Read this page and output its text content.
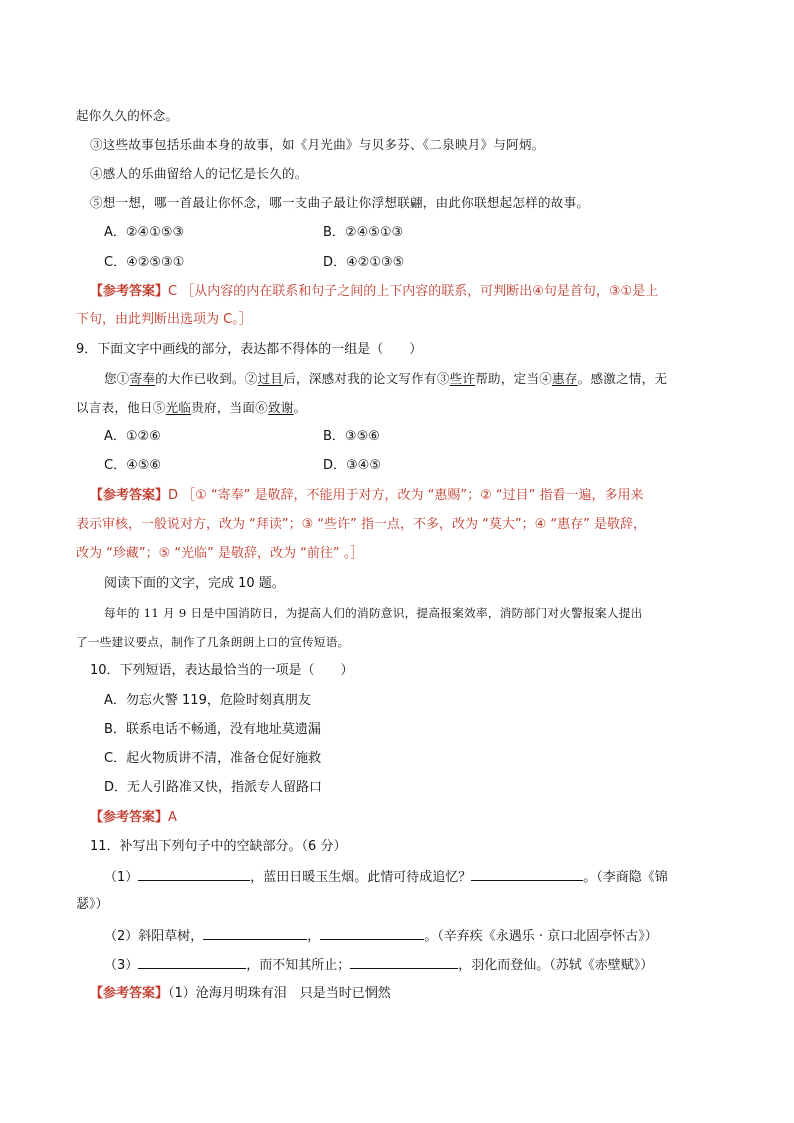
起你久久的怀念。
③这些故事包括乐曲本身的故事，如《月光曲》与贝多芬、《二泉映月》与阿炳。
④感人的乐曲留给人的记忆是长久的。
⑤想一想，哪一首最让你怀念，哪一支曲子最让你浮想联翩，由此你联想起怎样的故事。
A．②④①⑤③	B．②④⑤①③
C．④②⑤③①	D．④②①③⑤
【参考答案】C ［从内容的内在联系和句子之间的上下内容的联系，可判断出④句是首句，③①是上
下句，由此判断出选项为 C。］
9．下面文字中画线的部分，表达都不得体的一组是（　　）
您①寄奉的大作已收到。②过目后，深感对我的论文写作有③些许帮助，定当④惠存。感激之情，无
以言表，他日⑤光临贵府，当面⑥致谢。
A．①②⑥	B．③⑤⑥
C．④⑤⑥	D．③④⑤
【参考答案】D ［① “寄奉” 是敬辞，不能用于对方，改为 “惠赐”；② “过目” 指看一遍，多用来
表示审核，一般说对方，改为 “拜读”；③ “些许” 指一点，不多，改为 “莫大”；④ “惠存” 是敬辞，
改为 “珍藏”；⑤ “光临” 是敬辞，改为 “前往” 。］
阅读下面的文字，完成 10 题。
每年的 11 月 9 日是中国消防日，为提高人们的消防意识，提高报案效率，消防部门对火警报案人提出
了一些建议要点，制作了几条朗朗上口的宣传短语。
10．下列短语，表达最恰当的一项是（　　）
A．勿忘火警 119，危险时刻真朋友
B．联系电话不畅通，没有地址莫遗漏
C．起火物质讲不清，准备仓促好施救
D．无人引路准又快，指派专人留路口
【参考答案】A
11．补写出下列句子中的空缺部分。（6 分）
（1）	，蓝田日暖玉生烟。此情可待成追忆？	。（李商隐《锦
瑟》）
（2）斜阳草树，	，	。（辛弃疾《永遇乐 · 京口北固亭怀古》）
（3）	，而不知其所止；	，羽化而登仙。（苏轼《赤壁赋》）
【参考答案】（1）沧海月明珠有泪　只是当时已惘然
